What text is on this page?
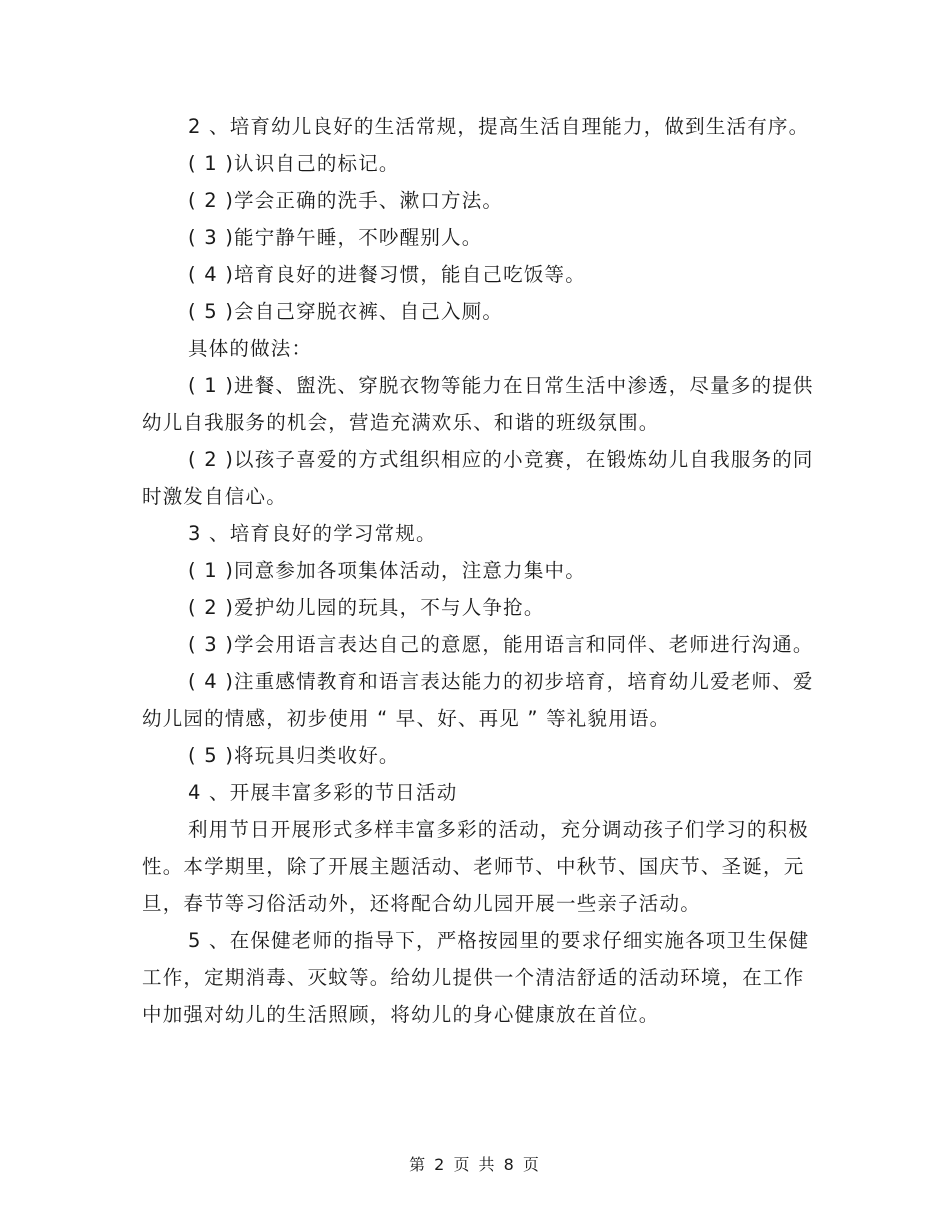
2 、培育幼儿良好的生活常规，提高生活自理能力，做到生活有序。

( 1 )认识自己的标记。

( 2 )学会正确的洗手、漱口方法。

( 3 )能宁静午睡，不吵醒别人。

( 4 )培育良好的进餐习惯，能自己吃饭等。

( 5 )会自己穿脱衣裤、自己入厕。

具体的做法：

( 1 )进餐、盥洗、穿脱衣物等能力在日常生活中渗透，尽量多的提供幼儿自我服务的机会，营造充满欢乐、和谐的班级氛围。

( 2 )以孩子喜爱的方式组织相应的小竞赛，在锻炼幼儿自我服务的同时激发自信心。

3 、培育良好的学习常规。

( 1 )同意参加各项集体活动，注意力集中。

( 2 )爱护幼儿园的玩具，不与人争抢。

( 3 )学会用语言表达自己的意愿，能用语言和同伴、老师进行沟通。

( 4 )注重感情教育和语言表达能力的初步培育，培育幼儿爱老师、爱幼儿园的情感，初步使用 “ 早、好、再见 ” 等礼貌用语。

( 5 )将玩具归类收好。

4 、开展丰富多彩的节日活动

利用节日开展形式多样丰富多彩的活动，充分调动孩子们学习的积极性。本学期里，除了开展主题活动、老师节、中秋节、国庆节、圣诞，元旦，春节等习俗活动外，还将配合幼儿园开展一些亲子活动。

5 、在保健老师的指导下，严格按园里的要求仔细实施各项卫生保健工作，定期消毒、灭蚊等。给幼儿提供一个清洁舒适的活动环境，在工作中加强对幼儿的生活照顾，将幼儿的身心健康放在首位。

第 2 页 共 8 页
